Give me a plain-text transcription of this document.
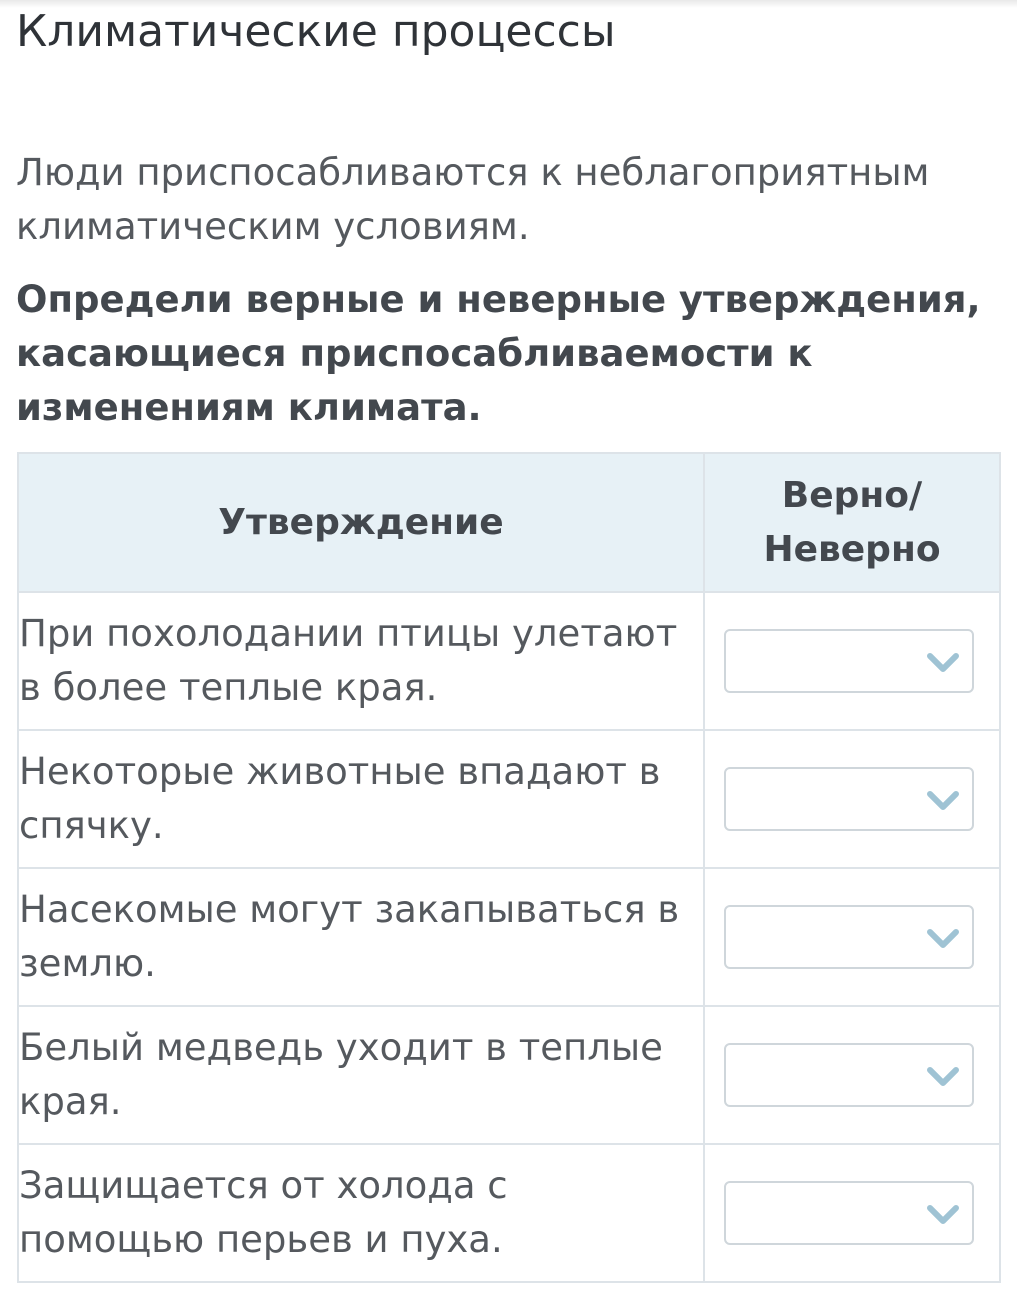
Климатические процессы

Люди приспосабливаются к неблагоприятным климатическим условиям.

Определи верные и неверные утверждения, касающиеся приспосабливаемости к изменениям климата.

Утверждение	Верно/
Неверно
При похолодании птицы улетают в более теплые края.	

Некоторые животные впадают в спячку.	

Насекомые могут закапываться в землю.	

Белый медведь уходит в теплые края.	

Защищается от холода с помощью перьев и пуха.	
